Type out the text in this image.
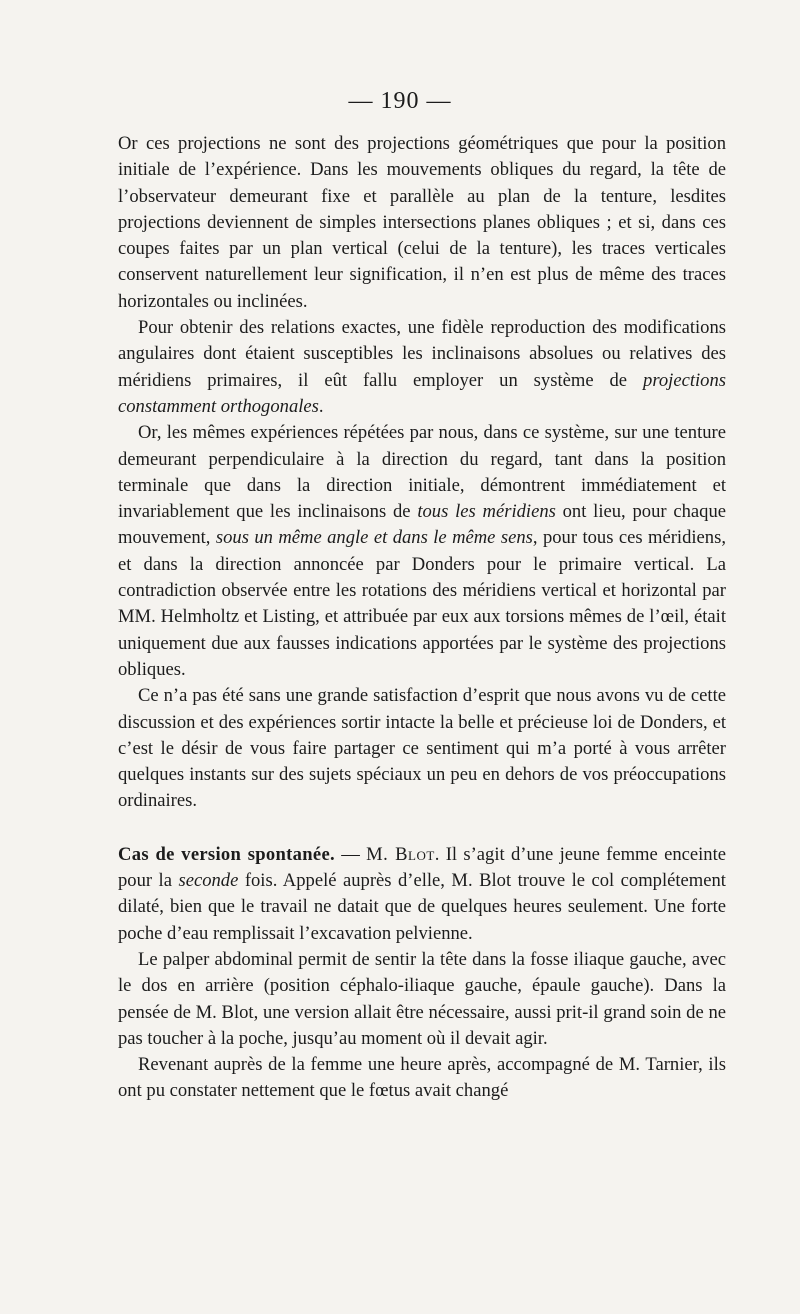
— 190 —

Or ces projections ne sont des projections géométriques que pour la position initiale de l’expérience. Dans les mouvements obliques du regard, la tête de l’observateur demeurant fixe et parallèle au plan de la tenture, lesdites projections deviennent de simples intersections planes obliques ; et si, dans ces coupes faites par un plan vertical (celui de la tenture), les traces verticales conservent naturellement leur signification, il n’en est plus de même des traces horizontales ou inclinées.

Pour obtenir des relations exactes, une fidèle reproduction des modifications angulaires dont étaient susceptibles les inclinaisons absolues ou relatives des méridiens primaires, il eût fallu employer un système de projections constamment orthogonales.

Or, les mêmes expériences répétées par nous, dans ce système, sur une tenture demeurant perpendiculaire à la direction du regard, tant dans la position terminale que dans la direction initiale, démontrent immédiatement et invariablement que les inclinaisons de tous les méridiens ont lieu, pour chaque mouvement, sous un même angle et dans le même sens, pour tous ces méridiens, et dans la direction annoncée par Donders pour le primaire vertical. La contradiction observée entre les rotations des méridiens vertical et horizontal par MM. Helmholtz et Listing, et attribuée par eux aux torsions mêmes de l’œil, était uniquement due aux fausses indications apportées par le système des projections obliques.

Ce n’a pas été sans une grande satisfaction d’esprit que nous avons vu de cette discussion et des expériences sortir intacte la belle et précieuse loi de Donders, et c’est le désir de vous faire partager ce sentiment qui m’a porté à vous arrêter quelques instants sur des sujets spéciaux un peu en dehors de vos préoccupations ordinaires.

Cas de version spontanée. — M. Blot. Il s’agit d’une jeune femme enceinte pour la seconde fois. Appelé auprès d’elle, M. Blot trouve le col complétement dilaté, bien que le travail ne datait que de quelques heures seulement. Une forte poche d’eau remplissait l’excavation pelvienne.

Le palper abdominal permit de sentir la tête dans la fosse iliaque gauche, avec le dos en arrière (position céphalo-iliaque gauche, épaule gauche). Dans la pensée de M. Blot, une version allait être nécessaire, aussi prit-il grand soin de ne pas toucher à la poche, jusqu’au moment où il devait agir.

Revenant auprès de la femme une heure après, accompagné de M. Tarnier, ils ont pu constater nettement que le fœtus avait changé
